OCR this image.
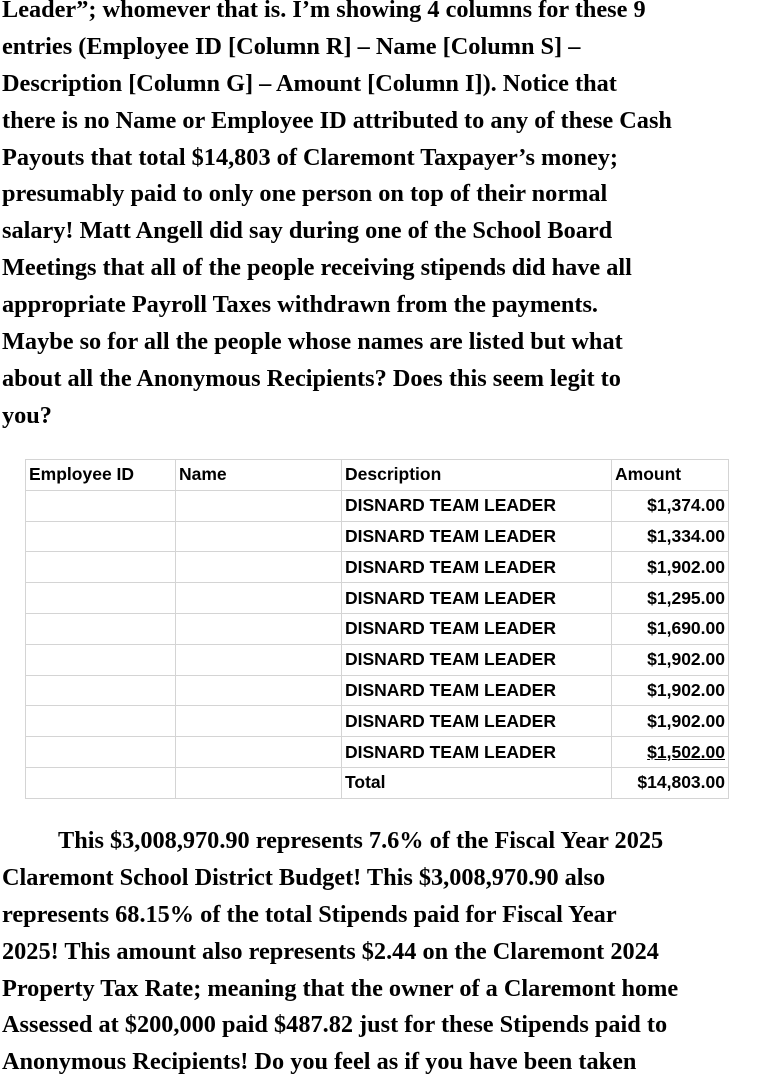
Leader”; whomever that is. I’m showing 4 columns for these 9
entries (Employee ID [Column R] – Name [Column S] –
Description [Column G] – Amount [Column I]). Notice that
there is no Name or Employee ID attributed to any of these Cash
Payouts that total $14,803 of Claremont Taxpayer’s money;
presumably paid to only one person on top of their normal
salary! Matt Angell did say during one of the School Board
Meetings that all of the people receiving stipends did have all
appropriate Payroll Taxes withdrawn from the payments.
Maybe so for all the people whose names are listed but what
about all the Anonymous Recipients? Does this seem legit to
you?
Employee ID	Name	Description	Amount
		DISNARD TEAM LEADER	$1,374.00
		DISNARD TEAM LEADER	$1,334.00
		DISNARD TEAM LEADER	$1,902.00
		DISNARD TEAM LEADER	$1,295.00
		DISNARD TEAM LEADER	$1,690.00
		DISNARD TEAM LEADER	$1,902.00
		DISNARD TEAM LEADER	$1,902.00
		DISNARD TEAM LEADER	$1,902.00
		DISNARD TEAM LEADER	$1,502.00
		Total	$14,803.00
This $3,008,970.90 represents 7.6% of the Fiscal Year 2025
Claremont School District Budget! This $3,008,970.90 also
represents 68.15% of the total Stipends paid for Fiscal Year
2025! This amount also represents $2.44 on the Claremont 2024
Property Tax Rate; meaning that the owner of a Claremont home
Assessed at $200,000 paid $487.82 just for these Stipends paid to
Anonymous Recipients! Do you feel as if you have been taken
